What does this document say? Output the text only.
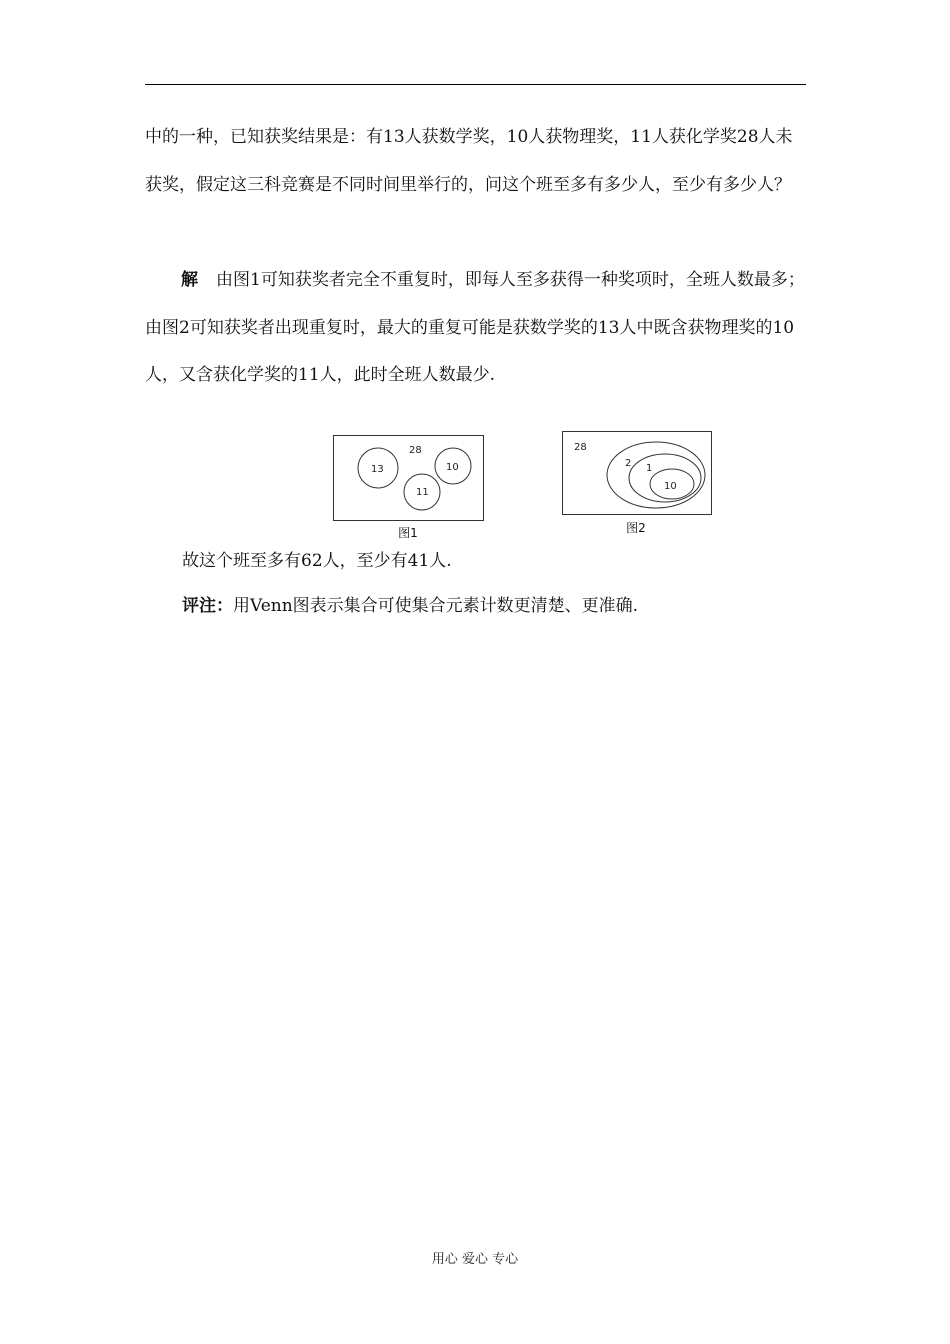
中的一种，已知获奖结果是：有13人获数学奖，10人获物理奖，11人获化学奖28人未获奖，假定这三科竞赛是不同时间里举行的，问这个班至多有多少人，至少有多少人？

解 由图1可知获奖者完全不重复时，即每人至多获得一种奖项时，全班人数最多；由图2可知获奖者出现重复时，最大的重复可能是获数学奖的13人中既含获物理奖的10人，又含获化学奖的11人，此时全班人数最少.

28
13	10
11
图1
28
2 1
10
图2

故这个班至多有62人，至少有41人.

评注：用Venn图表示集合可使集合元素计数更清楚、更准确.

用心 爱心 专心
